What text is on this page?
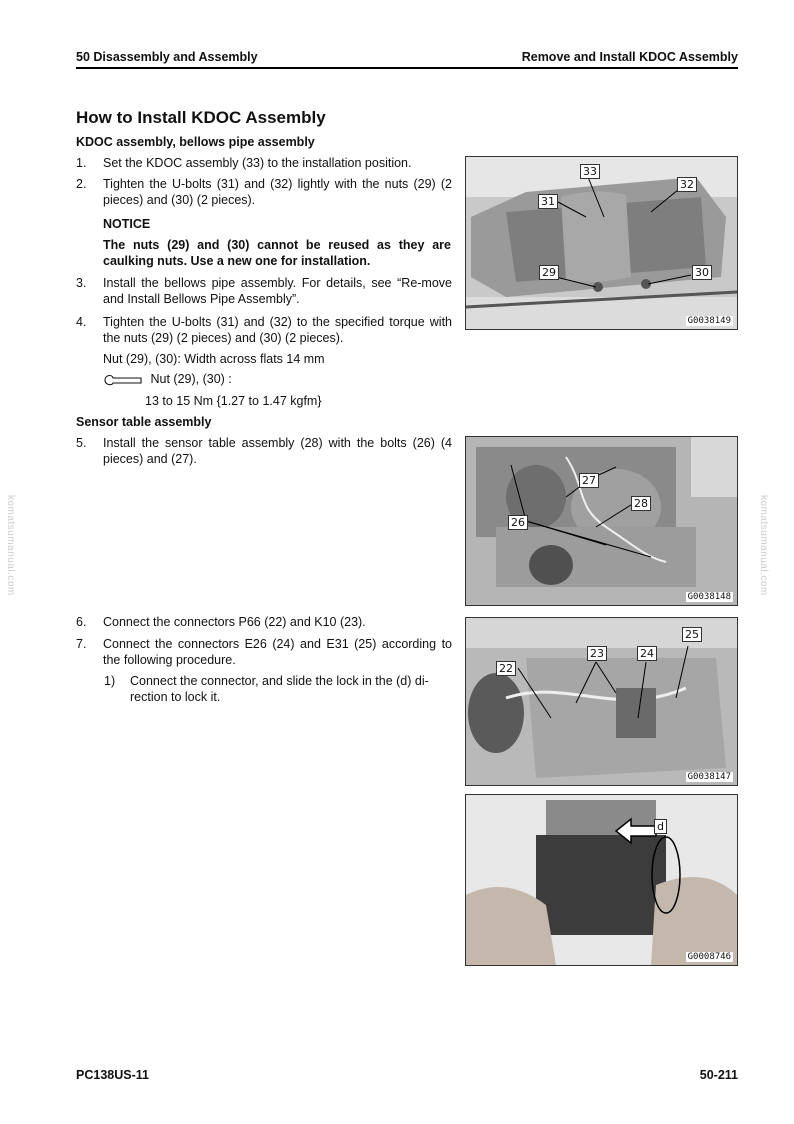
50 Disassembly and Assembly	Remove and Install KDOC Assembly
How to Install KDOC Assembly
KDOC assembly, bellows pipe assembly
1. Set the KDOC assembly (33) to the installation position.
2. Tighten the U-bolts (31) and (32) lightly with the nuts (29) (2 pieces) and (30) (2 pieces).
NOTICE
The nuts (29) and (30) cannot be reused as they are caulking nuts. Use a new one for installation.
3. Install the bellows pipe assembly. For details, see “Re-move and Install Bellows Pipe Assembly”.
4. Tighten the U-bolts (31) and (32) to the specified torque with the nuts (29) (2 pieces) and (30) (2 pieces).
Nut (29), (30): Width across flats 14 mm
Nut (29), (30) :
13 to 15 Nm {1.27 to 1.47 kgfm}
Sensor table assembly
5. Install the sensor table assembly (28) with the bolts (26) (4 pieces) and (27).
6. Connect the connectors P66 (22) and K10 (23).
7. Connect the connectors E26 (24) and E31 (25) according to the following procedure.
1) Connect the connector, and slide the lock in the (d) di-rection to lock it.
33
32
31
29	30
G0038149
27
28
26
G0038148
25
23	24
22
G0038147
d
G0008746
komatsumanual.com	komatsumanual.com
PC138US-11	50-211
